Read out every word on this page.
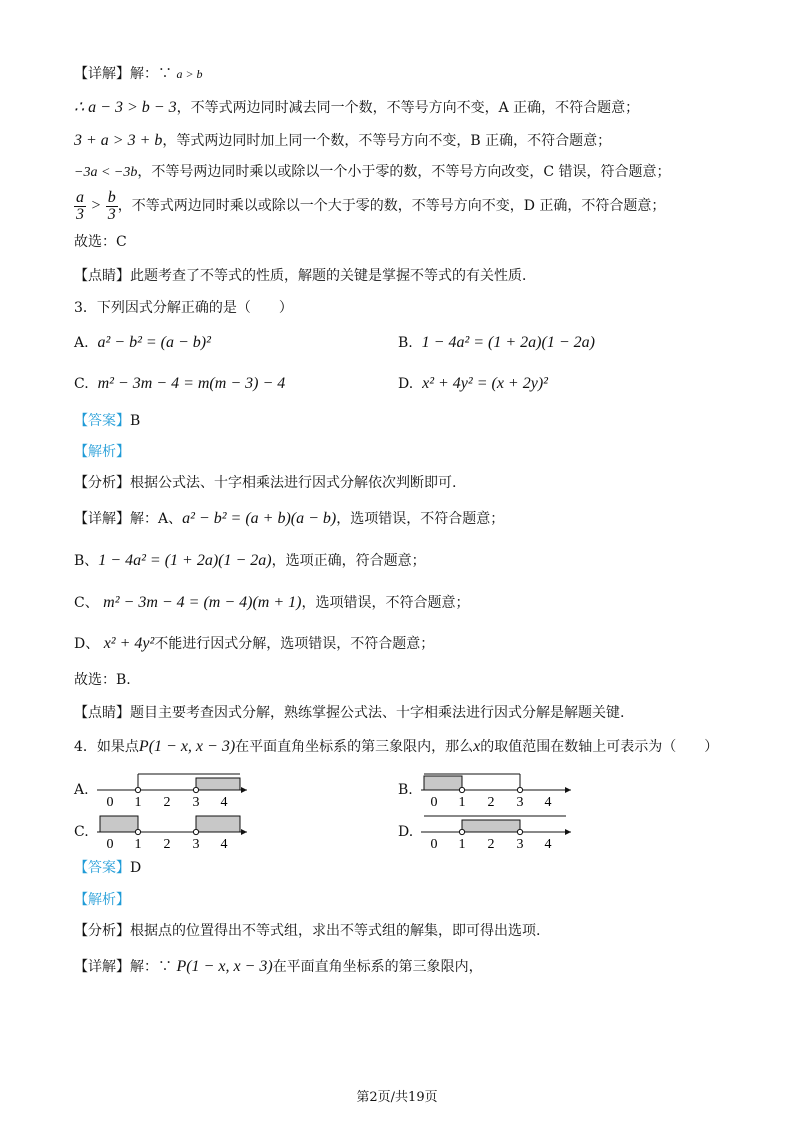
【详解】解：∵ a > b
∴ a − 3 > b − 3，不等式两边同时减去同一个数，不等号方向不变，A 正确，不符合题意；
3 + a > 3 + b，等式两边同时加上同一个数，不等号方向不变，B 正确，不符合题意；
−3a < −3b，不等号两边同时乘以或除以一个小于零的数，不等号方向改变，C 错误，符合题意；
$\frac{a}{3} > \frac{b}{3}$ ，不等式两边同时乘以或除以一个大于零的数，不等号方向不变，D 正确，不符合题意；
故选：C
【点睛】此题考查了不等式的性质，解题的关键是掌握不等式的有关性质．
3．下列因式分解正确的是（　　）
A. a² − b² = (a − b)²	B. 1 − 4a² = (1 + 2a)(1 − 2a)
C. m² − 3m − 4 = m(m − 3) − 4	D. x² + 4y² = (x + 2y)²
【答案】B
【解析】
【分析】根据公式法、十字相乘法进行因式分解依次判断即可.
【详解】解：A、a² − b² = (a + b)(a − b)，选项错误，不符合题意；
B、1 − 4a² = (1 + 2a)(1 − 2a)，选项正确，符合题意；
C、 m² − 3m − 4 = (m − 4)(m + 1)，选项错误，不符合题意；
D、 x² + 4y²不能进行因式分解，选项错误，不符合题意；
故选：B.
【点睛】题目主要考查因式分解，熟练掌握公式法、十字相乘法进行因式分解是解题关键.
4．如果点P(1 − x, x − 3)在平面直角坐标系的第三象限内，那么x的取值范围在数轴上可表示为（　　）
A.
0 1 2 3 4
B.
0 1 2 3 4
C.
0 1 2 3 4
D.
0 1 2 3 4
【答案】D
【解析】
【分析】根据点的位置得出不等式组，求出不等式组的解集，即可得出选项.
【详解】解：∵ P(1 − x, x − 3)在平面直角坐标系的第三象限内，
第2页/共19页
